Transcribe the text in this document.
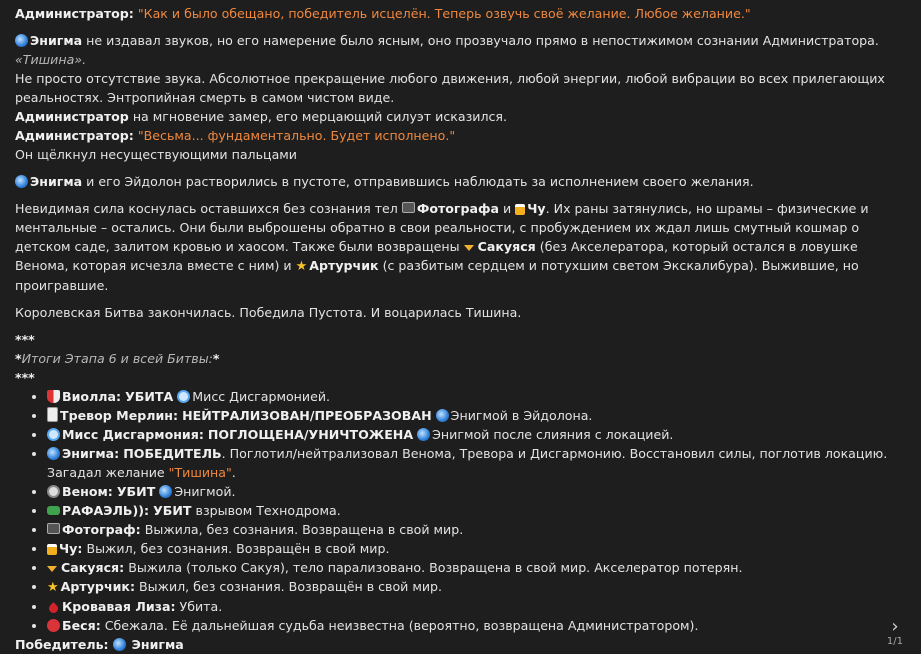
Администратор: "Как и было обещано, победитель исцелён. Теперь озвучь своё желание. Любое желание."

Энигма не издавал звуков, но его намерение было ясным, оно прозвучало прямо в непостижимом сознании Администратора.
«Тишина».
Не просто отсутствие звука. Абсолютное прекращение любого движения, любой энергии, любой вибрации во всех прилегающих
реальностях. Энтропийная смерть в самом чистом виде.
Администратор на мгновение замер, его мерцающий силуэт исказился.
Администратор: "Весьма... фундаментально. Будет исполнено."
Он щёлкнул несуществующими пальцами

Энигма и его Эйдолон растворились в пустоте, отправившись наблюдать за исполнением своего желания.

Невидимая сила коснулась оставшихся без сознания тел Фотографа и Чу. Их раны затянулись, но шрамы – физические и ментальные – остались. Они были выброшены обратно в свои реальности, с пробуждением их ждал лишь смутный кошмар о детском саде, залитом кровью и хаосом. Также были возвращены Сакуяся (без Акселератора, который остался в ловушке Венома, которая исчезла вместе с ним) и ★ Артурчик (с разбитым сердцем и потухшим светом Экскалибура). Выжившие, но проигравшие.

Королевская Битва закончилась. Победила Пустота. И воцарилась Тишина.

***
*Итоги Этапа 6 и всей Битвы:*
***
• Виолла: УБИТА Мисс Дисгармонией.
• Тревор Мерлин: НЕЙТРАЛИЗОВАН/ПРЕОБРАЗОВАН Энигмой в Эйдолона.
• Мисс Дисгармония: ПОГЛОЩЕНА/УНИЧТОЖЕНА Энигмой после слияния с локацией.
• Энигма: ПОБЕДИТЕЛЬ. Поглотил/нейтрализовал Венома, Тревора и Дисгармонию. Восстановил силы, поглотив локацию. Загадал желание "Тишина".
• Веном: УБИТ Энигмой.
• РАФАЭЛЬ)): УБИТ взрывом Технодрома.
• Фотограф: Выжила, без сознания. Возвращена в свой мир.
• Чу: Выжил, без сознания. Возвращён в свой мир.
• Сакуяся: Выжила (только Сакуя), тело парализовано. Возвращена в свой мир. Акселератор потерян.
• ★ Артурчик: Выжил, без сознания. Возвращён в свой мир.
• Кровавая Лиза: Убита.
• Беся: Сбежала. Её дальнейшая судьба неизвестна (вероятно, возвращена Администратором).
Победитель: Энигма
›
1/1
